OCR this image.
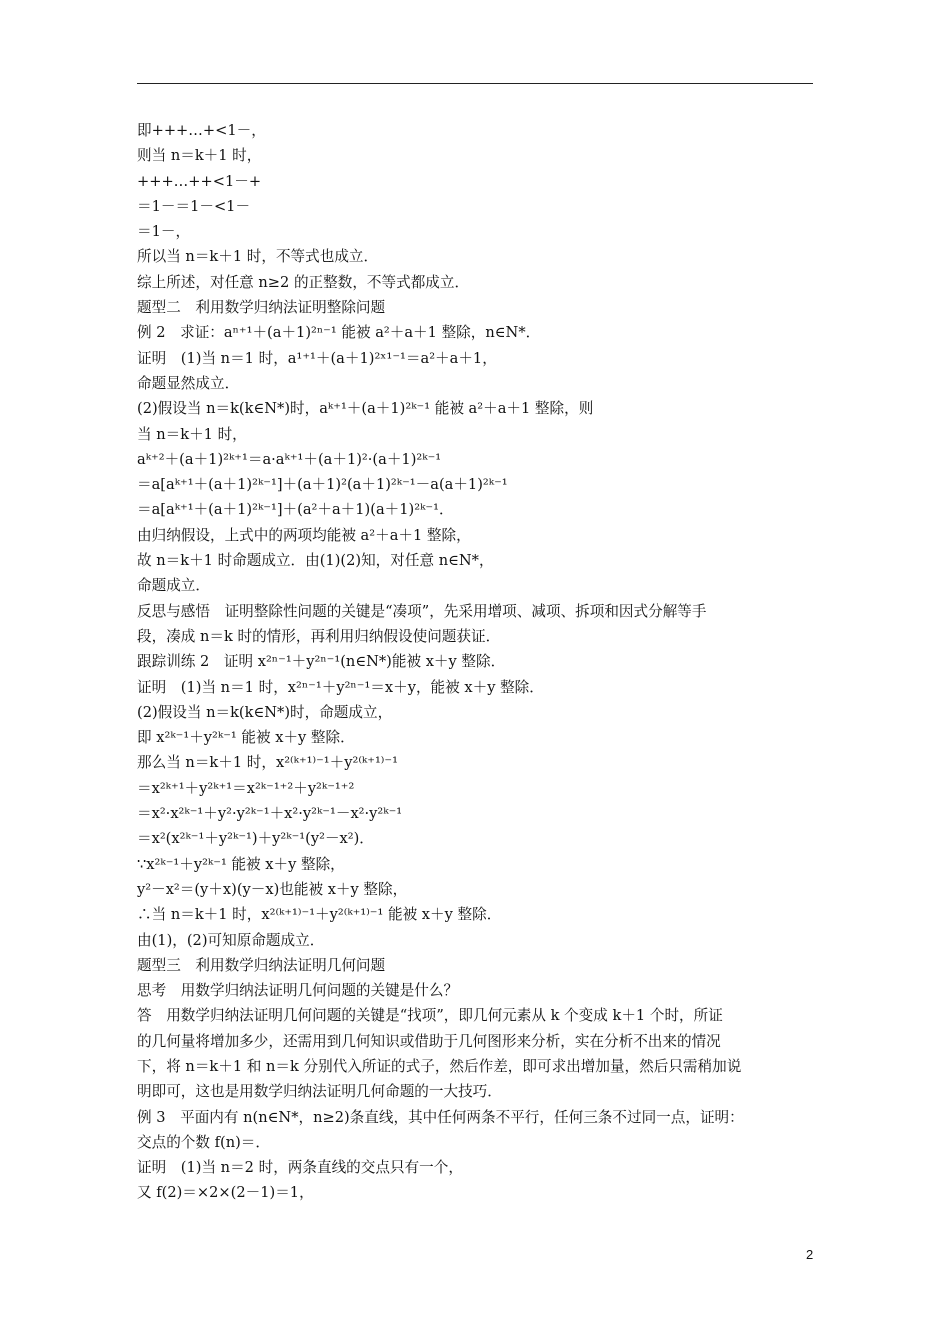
即+++…+<1－，
则当 n＝k＋1 时，
+++…++<1－+
＝1－＝1－<1－
＝1－，
所以当 n＝k＋1 时，不等式也成立．
综上所述，对任意 n≥2 的正整数，不等式都成立．
题型二　利用数学归纳法证明整除问题
例 2　求证：aⁿ⁺¹＋(a＋1)²ⁿ⁻¹ 能被 a²＋a＋1 整除，n∈N*．
证明　(1)当 n＝1 时，a¹⁺¹＋(a＋1)²ˣ¹⁻¹＝a²＋a＋1，
命题显然成立．
(2)假设当 n＝k(k∈N*)时，aᵏ⁺¹＋(a＋1)²ᵏ⁻¹ 能被 a²＋a＋1 整除，则
当 n＝k＋1 时，
aᵏ⁺²＋(a＋1)²ᵏ⁺¹＝a·aᵏ⁺¹＋(a＋1)²·(a＋1)²ᵏ⁻¹
＝a[aᵏ⁺¹＋(a＋1)²ᵏ⁻¹]＋(a＋1)²(a＋1)²ᵏ⁻¹－a(a＋1)²ᵏ⁻¹
＝a[aᵏ⁺¹＋(a＋1)²ᵏ⁻¹]＋(a²＋a＋1)(a＋1)²ᵏ⁻¹．
由归纳假设，上式中的两项均能被 a²＋a＋1 整除，
故 n＝k＋1 时命题成立．由(1)(2)知，对任意 n∈N*，
命题成立．
反思与感悟　证明整除性问题的关键是“凑项”，先采用增项、减项、拆项和因式分解等手
段，凑成 n＝k 时的情形，再利用归纳假设使问题获证．
跟踪训练 2　证明 x²ⁿ⁻¹＋y²ⁿ⁻¹(n∈N*)能被 x＋y 整除．
证明　(1)当 n＝1 时，x²ⁿ⁻¹＋y²ⁿ⁻¹＝x＋y，能被 x＋y 整除．
(2)假设当 n＝k(k∈N*)时，命题成立，
即 x²ᵏ⁻¹＋y²ᵏ⁻¹ 能被 x＋y 整除．
那么当 n＝k＋1 时，x²⁽ᵏ⁺¹⁾⁻¹＋y²⁽ᵏ⁺¹⁾⁻¹
＝x²ᵏ⁺¹＋y²ᵏ⁺¹＝x²ᵏ⁻¹⁺²＋y²ᵏ⁻¹⁺²
＝x²·x²ᵏ⁻¹＋y²·y²ᵏ⁻¹＋x²·y²ᵏ⁻¹－x²·y²ᵏ⁻¹
＝x²(x²ᵏ⁻¹＋y²ᵏ⁻¹)＋y²ᵏ⁻¹(y²－x²)．
∵x²ᵏ⁻¹＋y²ᵏ⁻¹ 能被 x＋y 整除，
y²－x²＝(y＋x)(y－x)也能被 x＋y 整除，
∴当 n＝k＋1 时，x²⁽ᵏ⁺¹⁾⁻¹＋y²⁽ᵏ⁺¹⁾⁻¹ 能被 x＋y 整除．
由(1)，(2)可知原命题成立．
题型三　利用数学归纳法证明几何问题
思考　用数学归纳法证明几何问题的关键是什么？
答　用数学归纳法证明几何问题的关键是“找项”，即几何元素从 k 个变成 k＋1 个时，所证
的几何量将增加多少，还需用到几何知识或借助于几何图形来分析，实在分析不出来的情况
下，将 n＝k＋1 和 n＝k 分别代入所证的式子，然后作差，即可求出增加量，然后只需稍加说
明即可，这也是用数学归纳法证明几何命题的一大技巧．
例 3　平面内有 n(n∈N*，n≥2)条直线，其中任何两条不平行，任何三条不过同一点，证明：
交点的个数 f(n)＝．
证明　(1)当 n＝2 时，两条直线的交点只有一个，
又 f(2)＝×2×(2－1)＝1，
2
